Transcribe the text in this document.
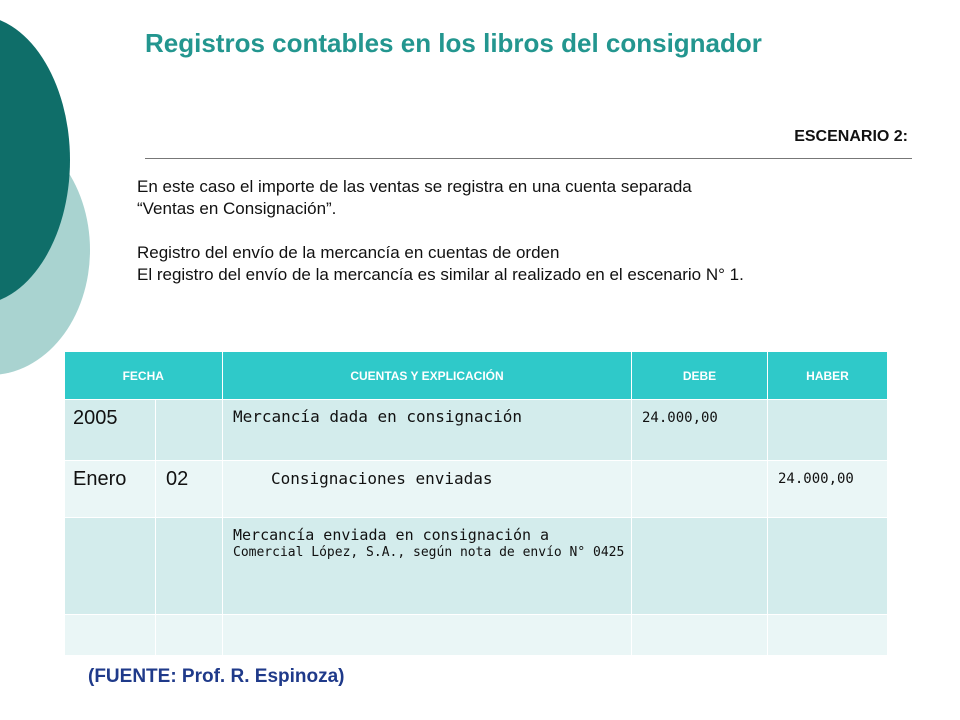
Registros contables en los libros del consignador
ESCENARIO 2:

En este caso el importe de las ventas se registra en una cuenta separada

“Ventas en Consignación”.

Registro del envío de la mercancía en cuentas de orden

El registro del envío de la mercancía es similar al realizado en el escenario N° 1.

FECHA		CUENTAS Y EXPLICACIÓN	DEBE	HABER
2005		Mercancía dada en consignación	24.000,00	
Enero	02	Consignaciones enviadas		24.000,00

		Mercancía enviada en consignación a
Comercial López, S.A., según nota de envío N° 0425		

(FUENTE: Prof. R. Espinoza)
